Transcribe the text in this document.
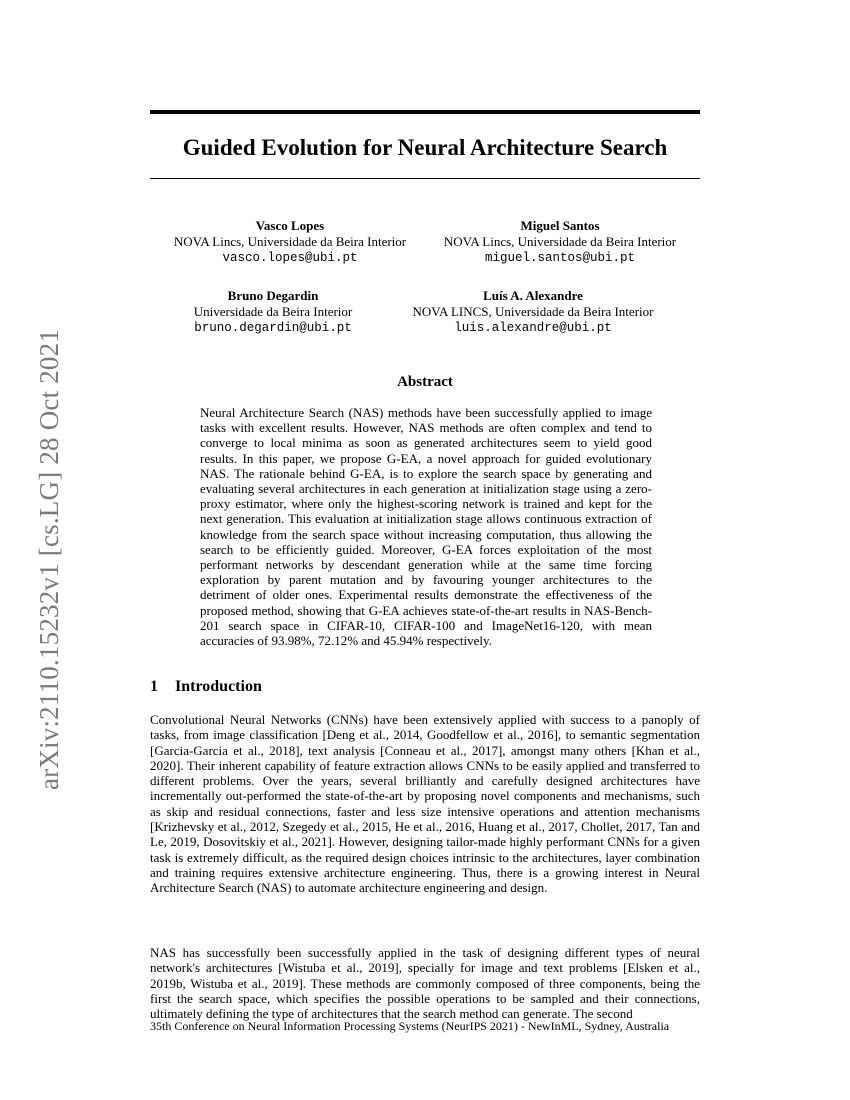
arXiv:2110.15232v1 [cs.LG] 28 Oct 2021
Guided Evolution for Neural Architecture Search
Vasco Lopes
NOVA Lincs, Universidade da Beira Interior
vasco.lopes@ubi.pt
Miguel Santos
NOVA Lincs, Universidade da Beira Interior
miguel.santos@ubi.pt
Bruno Degardin
Universidade da Beira Interior
bruno.degardin@ubi.pt
Luís A. Alexandre
NOVA LINCS, Universidade da Beira Interior
luis.alexandre@ubi.pt
Abstract
Neural Architecture Search (NAS) methods have been successfully applied to image tasks with excellent results. However, NAS methods are often complex and tend to converge to local minima as soon as generated architectures seem to yield good results. In this paper, we propose G-EA, a novel approach for guided evolutionary NAS. The rationale behind G-EA, is to explore the search space by generating and evaluating several architectures in each generation at initialization stage using a zero-proxy estimator, where only the highest-scoring network is trained and kept for the next generation. This evaluation at initialization stage allows continuous extraction of knowledge from the search space without increasing computation, thus allowing the search to be efficiently guided. Moreover, G-EA forces exploitation of the most performant networks by descendant generation while at the same time forcing exploration by parent mutation and by favouring younger architectures to the detriment of older ones. Experimental results demonstrate the effectiveness of the proposed method, showing that G-EA achieves state-of-the-art results in NAS-Bench-201 search space in CIFAR-10, CIFAR-100 and ImageNet16-120, with mean accuracies of 93.98%, 72.12% and 45.94% respectively.
1 Introduction
Convolutional Neural Networks (CNNs) have been extensively applied with success to a panoply of tasks, from image classification [Deng et al., 2014, Goodfellow et al., 2016], to semantic segmentation [Garcia-Garcia et al., 2018], text analysis [Conneau et al., 2017], amongst many others [Khan et al., 2020]. Their inherent capability of feature extraction allows CNNs to be easily applied and transferred to different problems. Over the years, several brilliantly and carefully designed architectures have incrementally out-performed the state-of-the-art by proposing novel components and mechanisms, such as skip and residual connections, faster and less size intensive operations and attention mechanisms [Krizhevsky et al., 2012, Szegedy et al., 2015, He et al., 2016, Huang et al., 2017, Chollet, 2017, Tan and Le, 2019, Dosovitskiy et al., 2021]. However, designing tailor-made highly performant CNNs for a given task is extremely difficult, as the required design choices intrinsic to the architectures, layer combination and training requires extensive architecture engineering. Thus, there is a growing interest in Neural Architecture Search (NAS) to automate architecture engineering and design.
NAS has successfully been successfully applied in the task of designing different types of neural network's architectures [Wistuba et al., 2019], specially for image and text problems [Elsken et al., 2019b, Wistuba et al., 2019]. These methods are commonly composed of three components, being the first the search space, which specifies the possible operations to be sampled and their connections, ultimately defining the type of architectures that the search method can generate. The second
35th Conference on Neural Information Processing Systems (NeurIPS 2021) - NewInML, Sydney, Australia
